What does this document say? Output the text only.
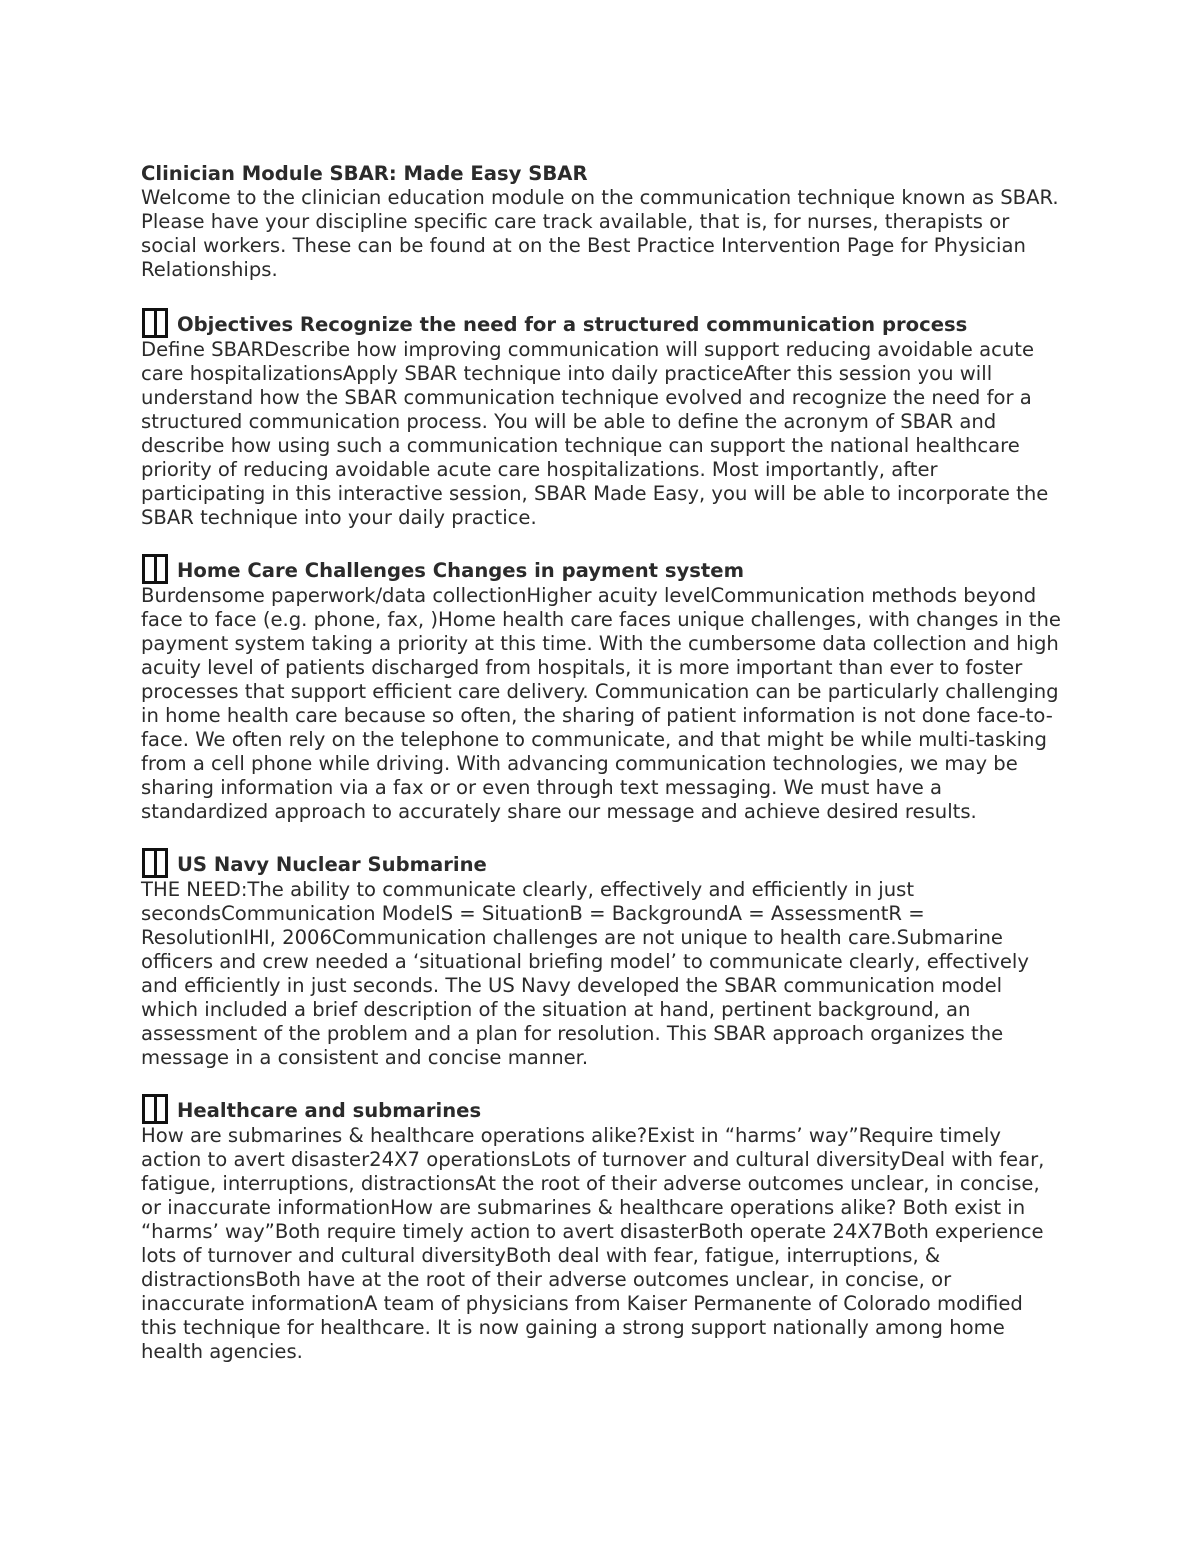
Clinician Module SBAR: Made Easy SBAR

Welcome to the clinician education module on the communication technique known as SBAR. Please have your discipline specific care track available, that is, for nurses, therapists or social workers. These can be found at on the Best Practice Intervention Page for Physician Relationships.

Objectives Recognize the need for a structured communication process

Define SBARDescribe how improving communication will support reducing avoidable acute care hospitalizationsApply SBAR technique into daily practiceAfter this session you will understand how the SBAR communication technique evolved and recognize the need for a structured communication process. You will be able to define the acronym of SBAR and describe how using such a communication technique can support the national healthcare priority of reducing avoidable acute care hospitalizations. Most importantly, after participating in this interactive session, SBAR Made Easy, you will be able to incorporate the SBAR technique into your daily practice.

Home Care Challenges Changes in payment system

Burdensome paperwork/data collectionHigher acuity levelCommunication methods beyond face to face (e.g. phone, fax, )Home health care faces unique challenges, with changes in the payment system taking a priority at this time. With the cumbersome data collection and high acuity level of patients discharged from hospitals, it is more important than ever to foster processes that support efficient care delivery. Communication can be particularly challenging in home health care because so often, the sharing of patient information is not done face-to-face. We often rely on the telephone to communicate, and that might be while multi-tasking from a cell phone while driving. With advancing communication technologies, we may be sharing information via a fax or or even through text messaging. We must have a standardized approach to accurately share our message and achieve desired results.

US Navy Nuclear Submarine

THE NEED:The ability to communicate clearly, effectively and efficiently in just secondsCommunication ModelS = SituationB = BackgroundA = AssessmentR = ResolutionIHI, 2006Communication challenges are not unique to health care.Submarine officers and crew needed a ‘situational briefing model’ to communicate clearly, effectively and efficiently in just seconds. The US Navy developed the SBAR communication model which included a brief description of the situation at hand, pertinent background, an assessment of the problem and a plan for resolution. This SBAR approach organizes the message in a consistent and concise manner.

Healthcare and submarines

How are submarines & healthcare operations alike?Exist in “harms’ way”Require timely action to avert disaster24X7 operationsLots of turnover and cultural diversityDeal with fear, fatigue, interruptions, distractionsAt the root of their adverse outcomes unclear, in concise, or inaccurate informationHow are submarines & healthcare operations alike? Both exist in “harms’ way”Both require timely action to avert disasterBoth operate 24X7Both experience lots of turnover and cultural diversityBoth deal with fear, fatigue, interruptions, & distractionsBoth have at the root of their adverse outcomes unclear, in concise, or inaccurate informationA team of physicians from Kaiser Permanente of Colorado modified this technique for healthcare. It is now gaining a strong support nationally among home health agencies.
